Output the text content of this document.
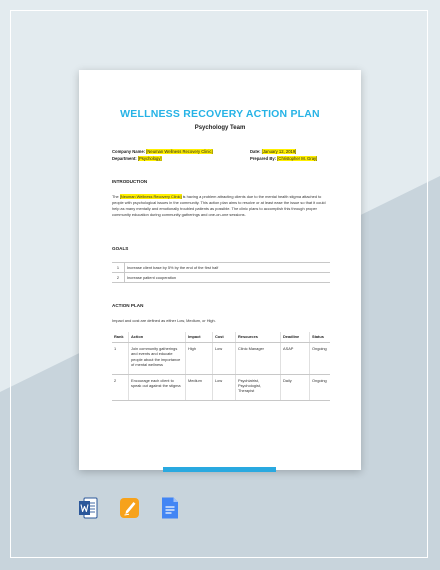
WELLNESS RECOVERY ACTION PLAN
Psychology Team
Company Name: [Neuman Wellness Recovery Clinic]
Department: [Psychology]
Date: [January 12, 2019]
Prepared By: [Christopher M. Gray]
INTRODUCTION
The [Neuman Wellness Recovery Clinic] is having a problem attracting clients due to the mental health stigma attached to people with psychological issues in the community. This action plan aims to resolve or at least ease the issue so that it could help as many mentally and emotionally troubled patients as possible. The clinic plans to accomplish this through proper community education during community gatherings and one-on-one sessions.
GOALS
1	Increase client base by 5% by the end of the first half
2	Increase patient cooperation
ACTION PLAN
Impact and cost are defined as either Low, Medium, or High.
Rank	Action	Impact	Cost	Resources	Deadline	Status
1	Join community gatherings and events and educate people about the importance of mental wellness	High	Low	Clinic Manager	ASAP	Ongoing
2	Encourage each client to speak out against the stigma	Medium	Low	Psychiatrist, Psychologist, Therapist	Daily	Ongoing
